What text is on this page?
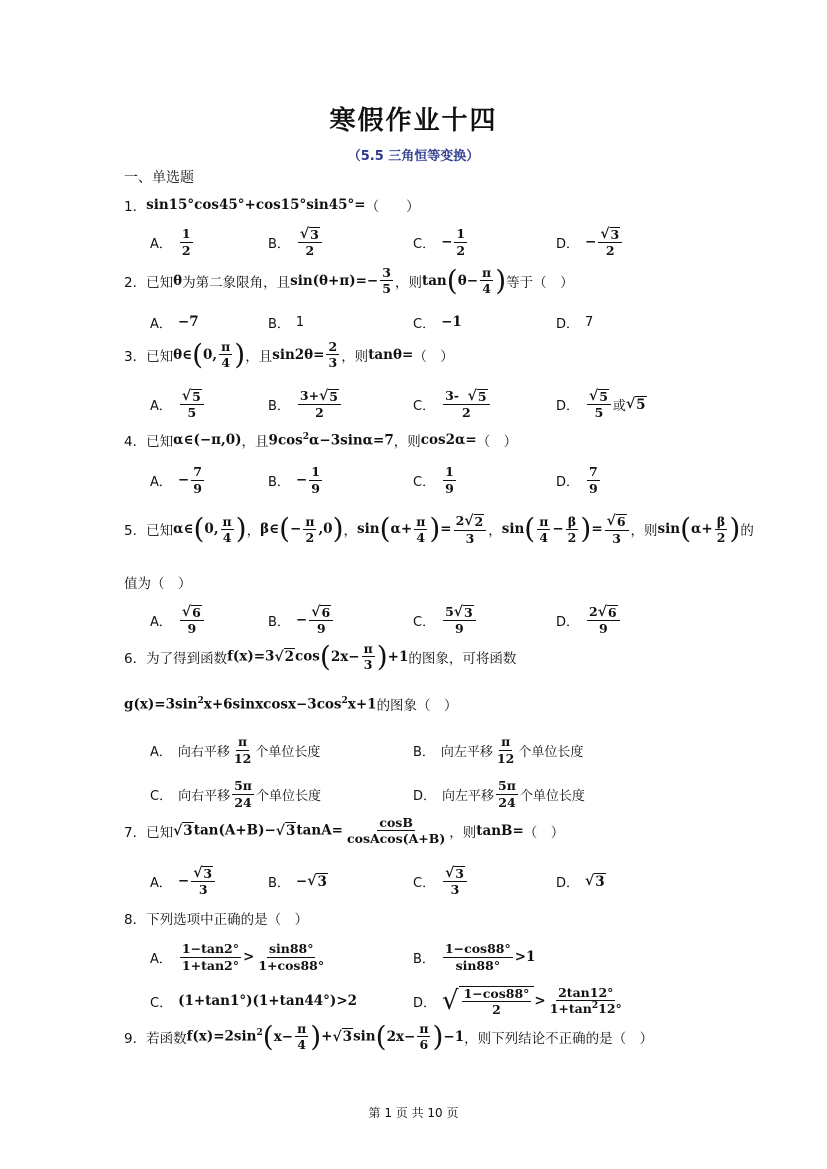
寒假作业十四
（5.5 三角恒等变换）
一、单选题
1． sin15°cos45°+cos15°sin45°= （　　）
A． $\frac{1}{2}$	B． $\frac{√ 3}{2}$	C． − $\frac{1}{2}$	D． − $\frac{√ 3}{2}$
2． 已知 θ 为第二象限角，且 $\sin(\theta+\pi)=- \frac{3}{5}$ ，则 tan ( $\theta- \frac{\pi}{4}$ ) 等于（　）
A． −7	B． 1	C． −1	D． 7
3． 已知 θ∈ ( 0, $\frac{\pi}{4}$ ) ，且 $\sin 2\theta= \frac{2}{3}$ ，则 tanθ= （　）
A． $\frac{√ 5}{5}$	B． $\frac{3+ √ 5}{2}$	C． $\frac{3- √ 5}{2}$	D． $\frac{√ 5}{5}$ 或 √ 5
4． 已知 α∈(−π,0) ，且 $9\cos^2\alpha-3\sin\alpha=7$ ，则 cos2α= （　）
A． − $\frac{7}{9}$	B． − $\frac{1}{9}$	C． $\frac{1}{9}$	D． $\frac{7}{9}$
5． 已知 α∈ ( 0, $\frac{\pi}{4}$ ) ， β∈ ( − $\frac{\pi}{2} ,0$ ) ， sin ( $\alpha+ \frac{\pi}{4}$ ) = $\frac{2 √ 2}{3}$ ， sin ( $\frac{\pi}{4} - \frac{\beta}{2}$ ) = $\frac{√ 6}{3}$ ，则 sin ( $\alpha+ \frac{\beta}{2}$ ) 的
值为（　）
A． $\frac{√ 6}{9}$	B． − $\frac{√ 6}{9}$	C． $\frac{5 √ 3}{9}$	D． $\frac{2 √ 6}{9}$
6． 为了得到函数 f(x)=3 √ 2 cos ( $2x- \frac{\pi}{3}$ ) +1 的图象，可将函数
$g(x)=3\sin^2x+6sinxcosx-3\cos^2x+1$ 的图象（　）
A． 向右平移 $\frac{\pi}{12}$ 个单位长度	B． 向左平移 $\frac{\pi}{12}$ 个单位长度
C． 向右平移 $\frac{5\pi}{24}$ 个单位长度	D． 向左平移 $\frac{5\pi}{24}$ 个单位长度
7． 已知 √ 3 tan(A+B)− √ 3 $\tan A= \frac{\cos B}{\text{cosAcos(A+B)}}$ ，则 tanB= （　）
A． − $\frac{√ 3}{3}$	B． − √ 3	C． $\frac{√ 3}{3}$	D． √ 3
8． 下列选项中正确的是（　）
A． $\frac{1-\tan 2^\circ}{1+\tan 2^\circ} > \frac{\sin 88^\circ}{1+\cos 88^\circ}$	B． $\frac{1-\cos 88^\circ}{\sin 88^\circ} >1$
C． (1+tan1°)(1+tan44°)>2	D． √ $\frac{1-\cos 88^\circ}{2} > \frac{2\tan 12^\circ}{1+\tan^212^\circ}$
9． 若函数 $f(x)=2\sin^2$ ( $x- \frac{\pi}{4}$ ) + √ 3 sin ( $2x- \frac{\pi}{6}$ ) −1 ，则下列结论不正确的是（　）
第 1 页 共 10 页
